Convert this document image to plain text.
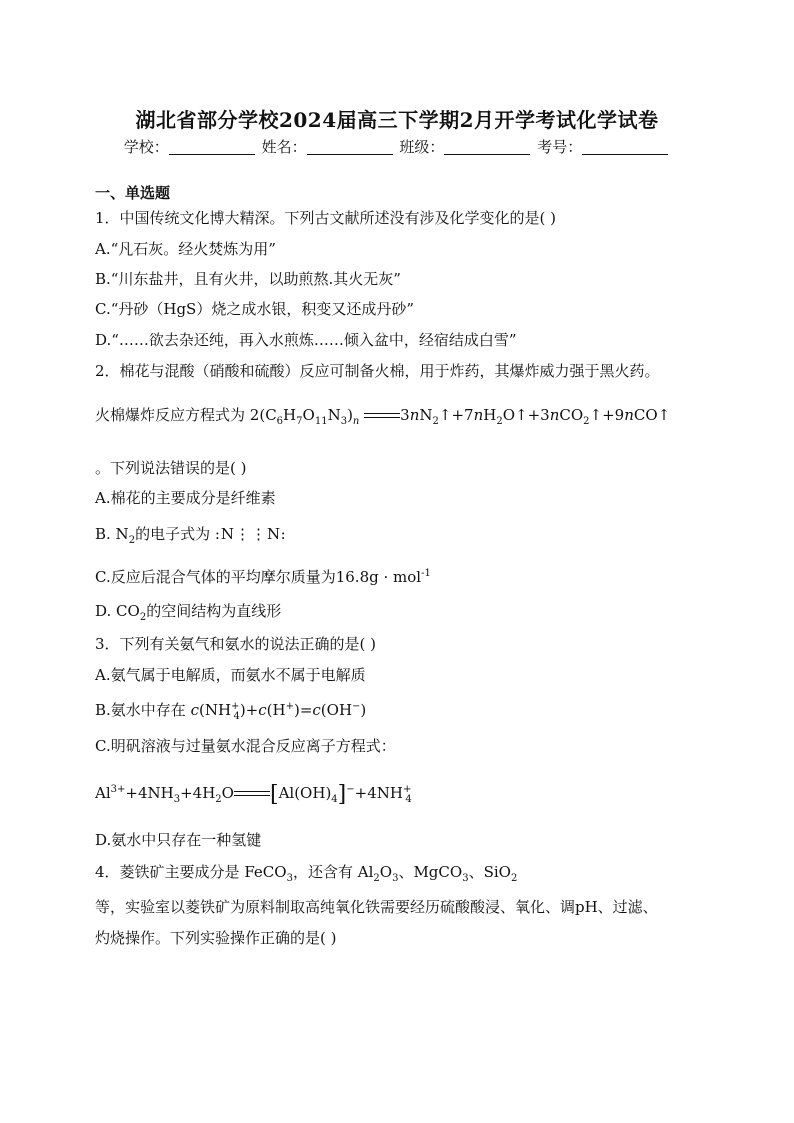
湖北省部分学校2024届高三下学期2月开学考试化学试卷
学校：	姓名：	班级：	考号：
一、单选题
1．中国传统文化博大精深。下列古文献所述没有涉及化学变化的是( )
A.“凡石灰。经火焚炼为用”
B.“川东盐井，且有火井，以助煎熬.其火无灰”
C.“丹砂（HgS）烧之成水银，积变又还成丹砂”
D.“……欲去杂还纯，再入水煎炼……倾入盆中，经宿结成白雪”
2．棉花与混酸（硝酸和硫酸）反应可制备火棉，用于炸药，其爆炸威力强于黑火药。
火棉爆炸反应方程式为 $2(C_6H_7O_{11}N_3)_n$	$3nN_2↑+7nH_2O↑+3nCO_2↑+9nCO↑$
。下列说法错误的是( )
A.棉花的主要成分是纤维素
B. $N_2$的电子式为 :N⋮⋮N:
C.反应后混合气体的平均摩尔质量为16.8g · mol$^{-1}$
D. $CO_2$的空间结构为直线形
3．下列有关氨气和氨水的说法正确的是( )
A.氨气属于电解质，而氨水不属于电解质
B.氨水中存在 $c(NH^+_4)+c(H^+)=c(OH^-)$
C.明矾溶液与过量氨水混合反应离子方程式：
$Al^{3+}+4NH_3+4H_2O$ $[Al(OH)_4]^-+4NH^+_4$
D.氨水中只存在一种氢键
4．菱铁矿主要成分是 FeCO$_3$，还含有 $Al_2O_3$、MgCO$_3$、SiO$_2$
等，实验室以菱铁矿为原料制取高纯氧化铁需要经历硫酸酸浸、氧化、调pH、过滤、
灼烧操作。下列实验操作正确的是( )
